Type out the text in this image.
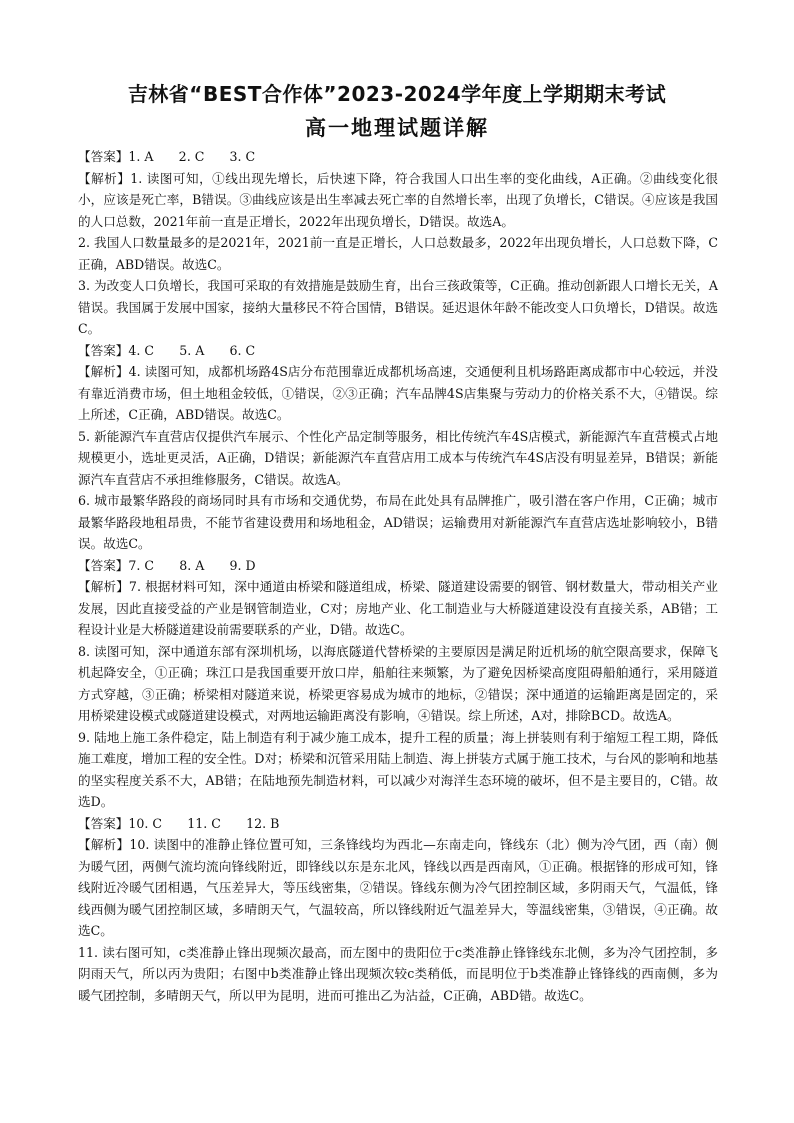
吉林省“BEST合作体”2023-2024学年度上学期期末考试
高一地理试题详解

【答案】1. A　　2. C　　3. C

【解析】1. 读图可知，①线出现先增长，后快速下降，符合我国人口出生率的变化曲线，A正确。②曲线变化很小，应该是死亡率，B错误。③曲线应该是出生率减去死亡率的自然增长率，出现了负增长，C错误。④应该是我国的人口总数，2021年前一直是正增长，2022年出现负增长，D错误。故选A。

2. 我国人口数量最多的是2021年，2021前一直是正增长，人口总数最多，2022年出现负增长，人口总数下降，C正确，ABD错误。故选C。

3. 为改变人口负增长，我国可采取的有效措施是鼓励生育，出台三孩政策等，C正确。推动创新跟人口增长无关，A错误。我国属于发展中国家，接纳大量移民不符合国情，B错误。延迟退休年龄不能改变人口负增长，D错误。故选C。

【答案】4. C　　5. A　　6. C

【解析】4. 读图可知，成都机场路4S店分布范围靠近成都机场高速，交通便利且机场路距离成都市中心较远，并没有靠近消费市场，但土地租金较低，①错误，②③正确；汽车品牌4S店集聚与劳动力的价格关系不大，④错误。综上所述，C正确，ABD错误。故选C。

5. 新能源汽车直营店仅提供汽车展示、个性化产品定制等服务，相比传统汽车4S店模式，新能源汽车直营模式占地规模更小，选址更灵活，A正确，D错误；新能源汽车直营店用工成本与传统汽车4S店没有明显差异，B错误；新能源汽车直营店不承担维修服务，C错误。故选A。

6. 城市最繁华路段的商场同时具有市场和交通优势，布局在此处具有品牌推广，吸引潜在客户作用，C正确；城市最繁华路段地租昂贵，不能节省建设费用和场地租金，AD错误；运输费用对新能源汽车直营店选址影响较小，B错误。故选C。

【答案】7. C　　8. A　　9. D

【解析】7. 根据材料可知，深中通道由桥梁和隧道组成，桥梁、隧道建设需要的钢管、钢材数量大，带动相关产业发展，因此直接受益的产业是钢管制造业，C对；房地产业、化工制造业与大桥隧道建设没有直接关系，AB错；工程设计业是大桥隧道建设前需要联系的产业，D错。故选C。

8. 读图可知，深中通道东部有深圳机场，以海底隧道代替桥梁的主要原因是满足附近机场的航空限高要求，保障飞机起降安全，①正确；珠江口是我国重要开放口岸，船舶往来频繁，为了避免因桥梁高度阻碍船舶通行，采用隧道方式穿越，③正确；桥梁相对隧道来说，桥梁更容易成为城市的地标，②错误；深中通道的运输距离是固定的，采用桥梁建设模式或隧道建设模式，对两地运输距离没有影响，④错误。综上所述，A对，排除BCD。故选A。

9. 陆地上施工条件稳定，陆上制造有利于减少施工成本，提升工程的质量；海上拼装则有利于缩短工程工期，降低施工难度，增加工程的安全性。D对；桥梁和沉管采用陆上制造、海上拼装方式属于施工技术，与台风的影响和地基的坚实程度关系不大，AB错；在陆地预先制造材料，可以减少对海洋生态环境的破坏，但不是主要目的，C错。故选D。

【答案】10. C　　11. C　　12. B

【解析】10. 读图中的准静止锋位置可知，三条锋线均为西北—东南走向，锋线东（北）侧为冷气团，西（南）侧为暖气团，两侧气流均流向锋线附近，即锋线以东是东北风，锋线以西是西南风，①正确。根据锋的形成可知，锋线附近冷暖气团相遇，气压差异大，等压线密集，②错误。锋线东侧为冷气团控制区域，多阴雨天气，气温低，锋线西侧为暖气团控制区域，多晴朗天气，气温较高，所以锋线附近气温差异大，等温线密集，③错误，④正确。故选C。

11. 读右图可知，c类准静止锋出现频次最高，而左图中的贵阳位于c类准静止锋锋线东北侧，多为冷气团控制，多阴雨天气，所以丙为贵阳；右图中b类准静止锋出现频次较c类稍低，而昆明位于b类准静止锋锋线的西南侧，多为暖气团控制，多晴朗天气，所以甲为昆明，进而可推出乙为沾益，C正确，ABD错。故选C。
